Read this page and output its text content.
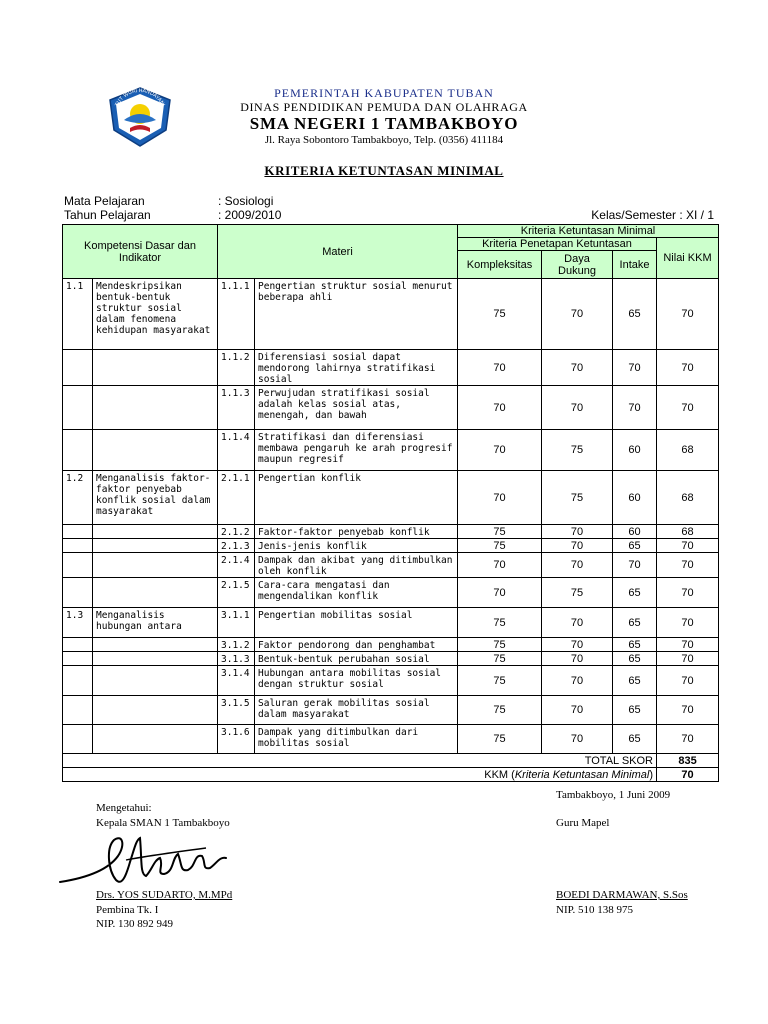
TUT WURI HANDAYANI
PEMERINTAH KABUPATEN TUBAN
DINAS PENDIDIKAN PEMUDA DAN OLAHRAGA
SMA NEGERI 1 TAMBAKBOYO
Jl. Raya Sobontoro Tambakboyo, Telp. (0356) 411184
KRITERIA KETUNTASAN MINIMAL
Mata Pelajaran	: Sosiologi
Tahun Pelajaran	: 2009/2010	Kelas/Semester : XI / 1
Kompetensi Dasar dan Indikator		Materi		Kriteria Ketuntasan Minimal			
				Kriteria Penetapan Ketuntasan			Nilai KKM
				Kompleksitas	Daya Dukung	Intake	
1.1	Mendeskripsikan bentuk-bentuk struktur sosial dalam fenomena kehidupan masyarakat	1.1.1	Pengertian struktur sosial menurut beberapa ahli	75	70	65	70
		1.1.2	Diferensiasi sosial dapat mendorong lahirnya stratifikasi sosial	70	70	70	70
		1.1.3	Perwujudan stratifikasi sosial adalah kelas sosial atas, menengah, dan bawah	70	70	70	70
		1.1.4	Stratifikasi dan diferensiasi membawa pengaruh ke arah progresif maupun regresif	70	75	60	68
1.2	Menganalisis faktor-faktor penyebab konflik sosial dalam masyarakat	2.1.1	Pengertian konflik	70	75	60	68
		2.1.2	Faktor-faktor penyebab konflik	75	70	60	68
		2.1.3	Jenis-jenis konflik	75	70	65	70
		2.1.4	Dampak dan akibat yang ditimbulkan oleh konflik	70	70	70	70
		2.1.5	Cara-cara mengatasi dan mengendalikan konflik	70	75	65	70
1.3	Menganalisis hubungan antara	3.1.1	Pengertian mobilitas sosial	75	70	65	70
		3.1.2	Faktor pendorong dan penghambat	75	70	65	70
		3.1.3	Bentuk-bentuk perubahan sosial	75	70	65	70
		3.1.4	Hubungan antara mobilitas sosial dengan struktur sosial	75	70	65	70
		3.1.5	Saluran gerak mobilitas sosial dalam masyarakat	75	70	65	70
		3.1.6	Dampak yang ditimbulkan dari mobilitas sosial	75	70	65	70
TOTAL SKOR							835
KKM (Kriteria Ketuntasan Minimal)							70
Tambakboyo, 1 Juni 2009
Mengetahui:
Kepala SMAN 1 Tambakboyo	Guru Mapel
Drs. YOS SUDARTO, M.MPd	BOEDI DARMAWAN, S.Sos
Pembina Tk. I	NIP. 510 138 975
NIP. 130 892 949
